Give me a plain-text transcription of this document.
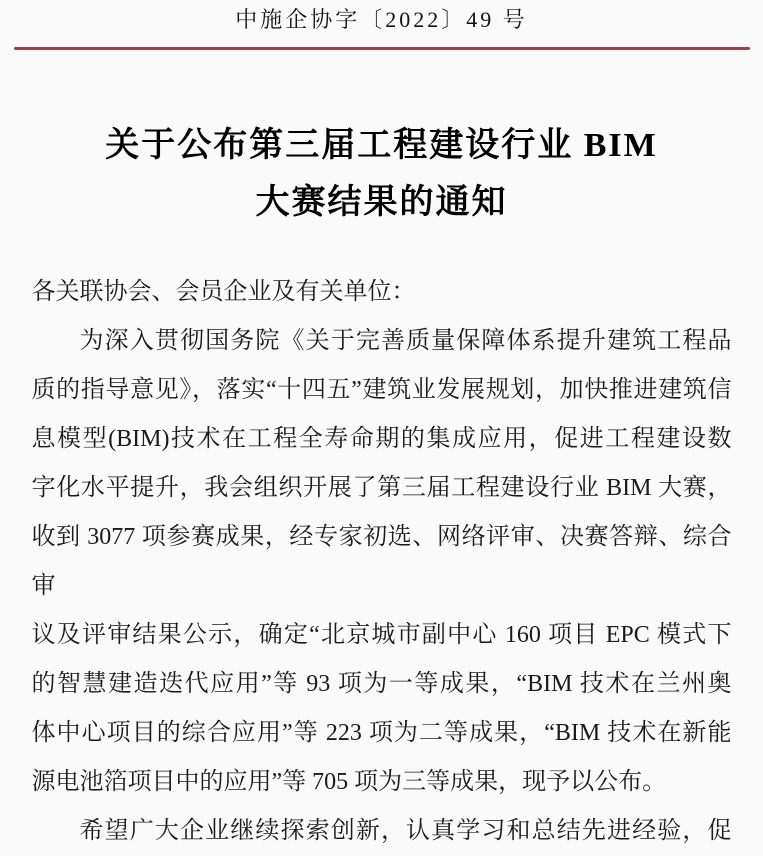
中施企协字〔2022〕49 号
关于公布第三届工程建设行业 BIM
大赛结果的通知
各关联协会、会员企业及有关单位：
为深入贯彻国务院《关于完善质量保障体系提升建筑工程品
质的指导意见》，落实“十四五”建筑业发展规划，加快推进建筑信
息模型(BIM)技术在工程全寿命期的集成应用，促进工程建设数
字化水平提升，我会组织开展了第三届工程建设行业 BIM 大赛，
收到 3077 项参赛成果，经专家初选、网络评审、决赛答辩、综合审
议及评审结果公示，确定“北京城市副中心 160 项目 EPC 模式下
的智慧建造迭代应用”等 93 项为一等成果，“BIM 技术在兰州奥
体中心项目的综合应用”等 223 项为二等成果，“BIM 技术在新能
源电池箔项目中的应用”等 705 项为三等成果，现予以公布。
希望广大企业继续探索创新，认真学习和总结先进经验，促
